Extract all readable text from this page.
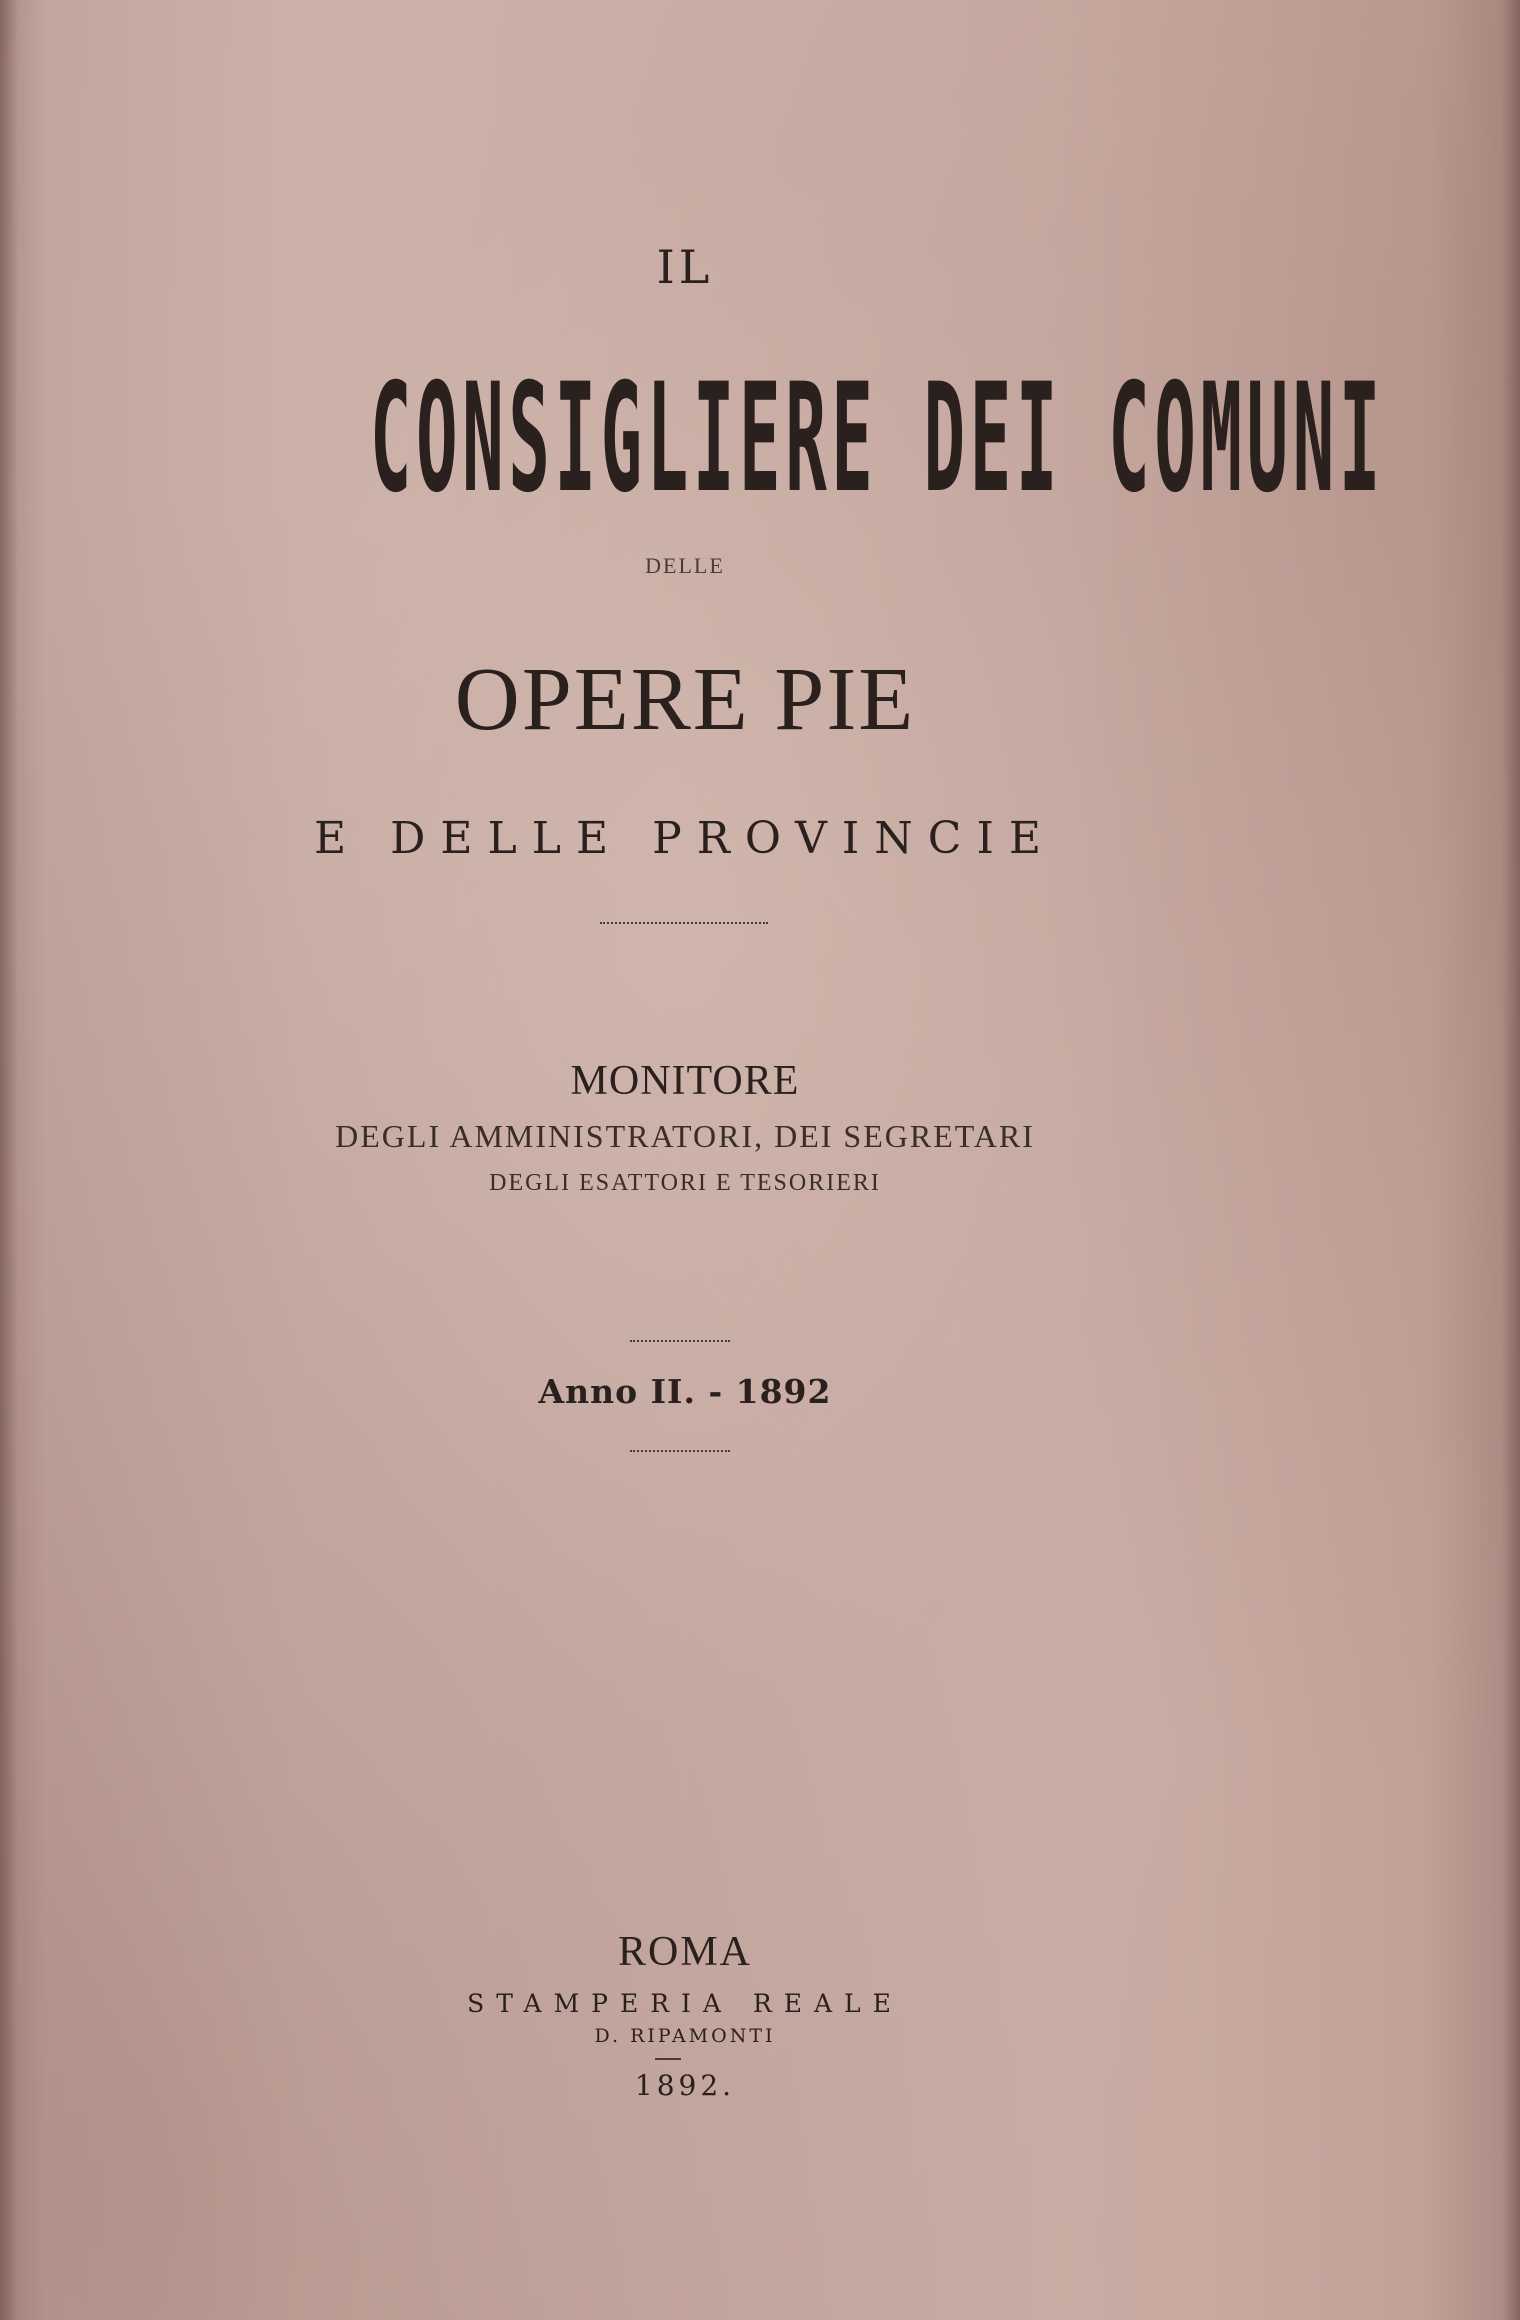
IL
CONSIGLIERE DEI COMUNI
DELLE
OPERE PIE
E DELLE PROVINCIE
MONITORE
DEGLI AMMINISTRATORI, DEI SEGRETARI
DEGLI ESATTORI E TESORIERI
Anno II. - 1892
ROMA
STAMPERIA REALE
D. RIPAMONTI
1892.
